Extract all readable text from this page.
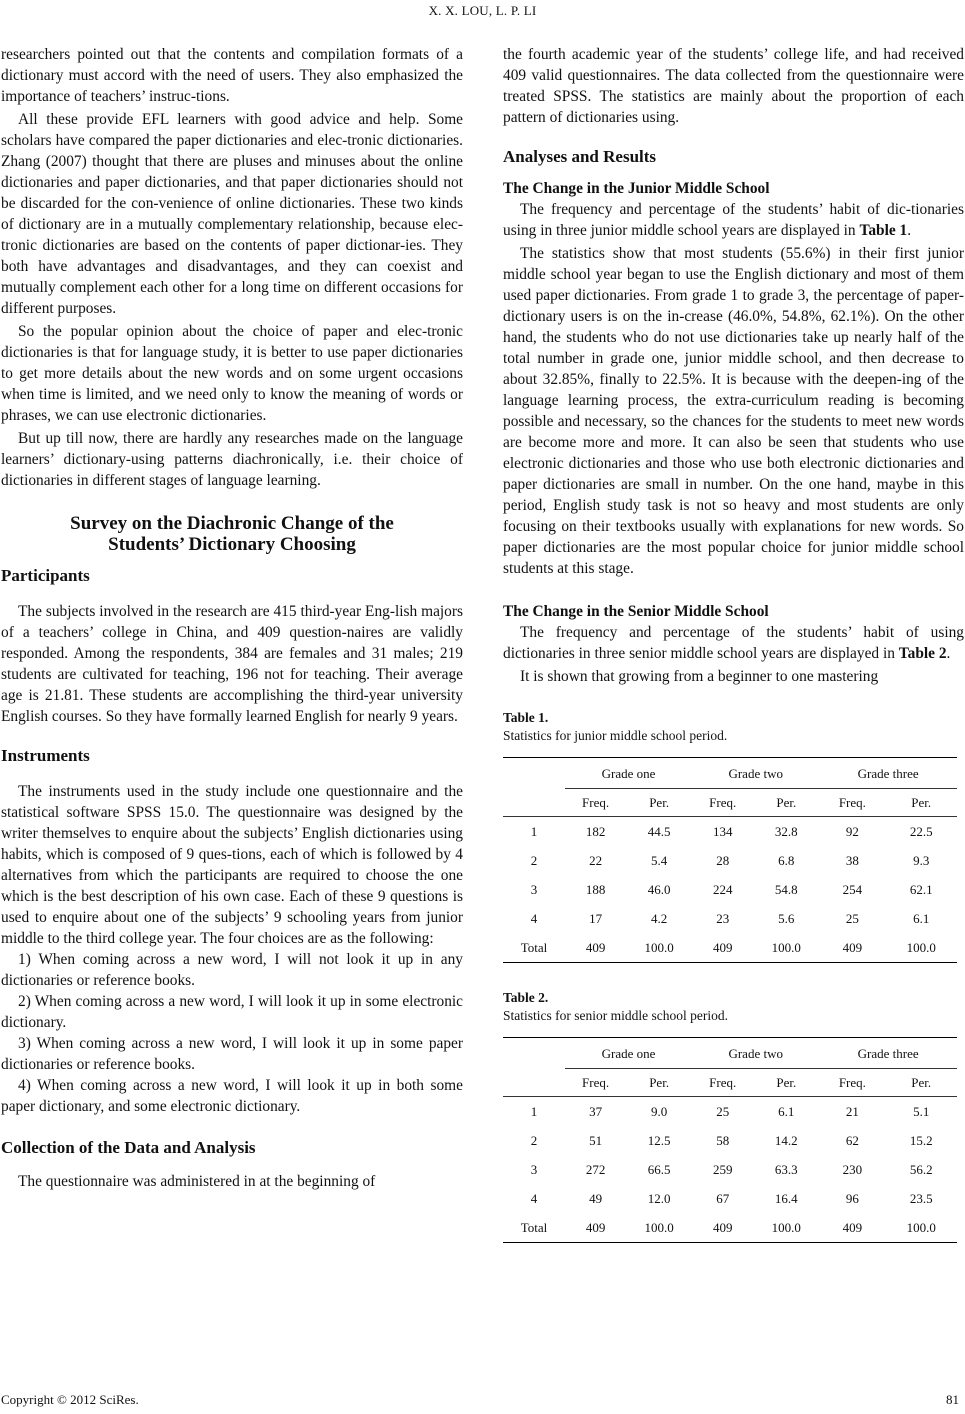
X. X. LOU, L. P. LI

researchers pointed out that the contents and compilation formats of a dictionary must accord with the need of users. They also emphasized the importance of teachers’ instruc-tions.

All these provide EFL learners with good advice and help. Some scholars have compared the paper dictionaries and elec-tronic dictionaries. Zhang (2007) thought that there are pluses and minuses about the online dictionaries and paper dictionaries, and that paper dictionaries should not be discarded for the con-venience of online dictionaries. These two kinds of dictionary are in a mutually complementary relationship, because elec-tronic dictionaries are based on the contents of paper dictionar-ies. They both have advantages and disadvantages, and they can coexist and mutually complement each other for a long time on different occasions for different purposes.

So the popular opinion about the choice of paper and elec-tronic dictionaries is that for language study, it is better to use paper dictionaries to get more details about the new words and on some urgent occasions when time is limited, and we need only to know the meaning of words or phrases, we can use electronic dictionaries.

But up till now, there are hardly any researches made on the language learners’ dictionary-using patterns diachronically, i.e. their choice of dictionaries in different stages of language learning.

Survey on the Diachronic Change of the
Students’ Dictionary Choosing
Participants

The subjects involved in the research are 415 third-year Eng-lish majors of a teachers’ college in China, and 409 question-naires are validly responded. Among the respondents, 384 are females and 31 males; 219 students are cultivated for teaching, 196 not for teaching. Their average age is 21.81. These students are accomplishing the third-year university English courses. So they have formally learned English for nearly 9 years.

Instruments

The instruments used in the study include one questionnaire and the statistical software SPSS 15.0. The questionnaire was designed by the writer themselves to enquire about the subjects’ English dictionaries using habits, which is composed of 9 ques-tions, each of which is followed by 4 alternatives from which the participants are required to choose the one which is the best description of his own case. Each of these 9 questions is used to enquire about one of the subjects’ 9 schooling years from junior middle to the third college year. The four choices are as the following:

1) When coming across a new word, I will not look it up in any dictionaries or reference books.

2) When coming across a new word, I will look it up in some electronic dictionary.

3) When coming across a new word, I will look it up in some paper dictionaries or reference books.

4) When coming across a new word, I will look it up in both some paper dictionary, and some electronic dictionary.

Collection of the Data and Analysis

The questionnaire was administered in at the beginning of

the fourth academic year of the students’ college life, and had received 409 valid questionnaires. The data collected from the questionnaire were treated SPSS. The statistics are mainly about the proportion of each pattern of dictionaries using.

Analyses and Results
The Change in the Junior Middle School

The frequency and percentage of the students’ habit of dic-tionaries using in three junior middle school years are displayed in Table 1.

The statistics show that most students (55.6%) in their first junior middle school year began to use the English dictionary and most of them used paper dictionaries. From grade 1 to grade 3, the percentage of paper-dictionary users is on the in-crease (46.0%, 54.8%, 62.1%). On the other hand, the students who do not use dictionaries take up nearly half of the total number in grade one, junior middle school, and then decrease to about 32.85%, finally to 22.5%. It is because with the deepen-ing of the language learning process, the extra-curriculum reading is becoming possible and necessary, so the chances for the students to meet new words are become more and more. It can also be seen that students who use electronic dictionaries and those who use both electronic dictionaries and paper dictionaries are small in number. On the one hand, maybe in this period, English study task is not so heavy and most students are only focusing on their textbooks usually with explanations for new words. So paper dictionaries are the most popular choice for junior middle school students at this stage.

The Change in the Senior Middle School

The frequency and percentage of the students’ habit of using dictionaries in three senior middle school years are displayed in Table 2.

It is shown that growing from a beginner to one mastering

Table 1.
Statistics for junior middle school period.
	Grade one		Grade two		Grade three	
	Freq.	Per.	Freq.	Per.	Freq.	Per.
1	182	44.5	134	32.8	92	22.5
2	22	5.4	28	6.8	38	9.3
3	188	46.0	224	54.8	254	62.1
4	17	4.2	23	5.6	25	6.1
Total	409	100.0	409	100.0	409	100.0
Table 2.
Statistics for senior middle school period.
	Grade one		Grade two		Grade three	
	Freq.	Per.	Freq.	Per.	Freq.	Per.
1	37	9.0	25	6.1	21	5.1
2	51	12.5	58	14.2	62	15.2
3	272	66.5	259	63.3	230	56.2
4	49	12.0	67	16.4	96	23.5
Total	409	100.0	409	100.0	409	100.0
Copyright © 2012 SciRes.	81
